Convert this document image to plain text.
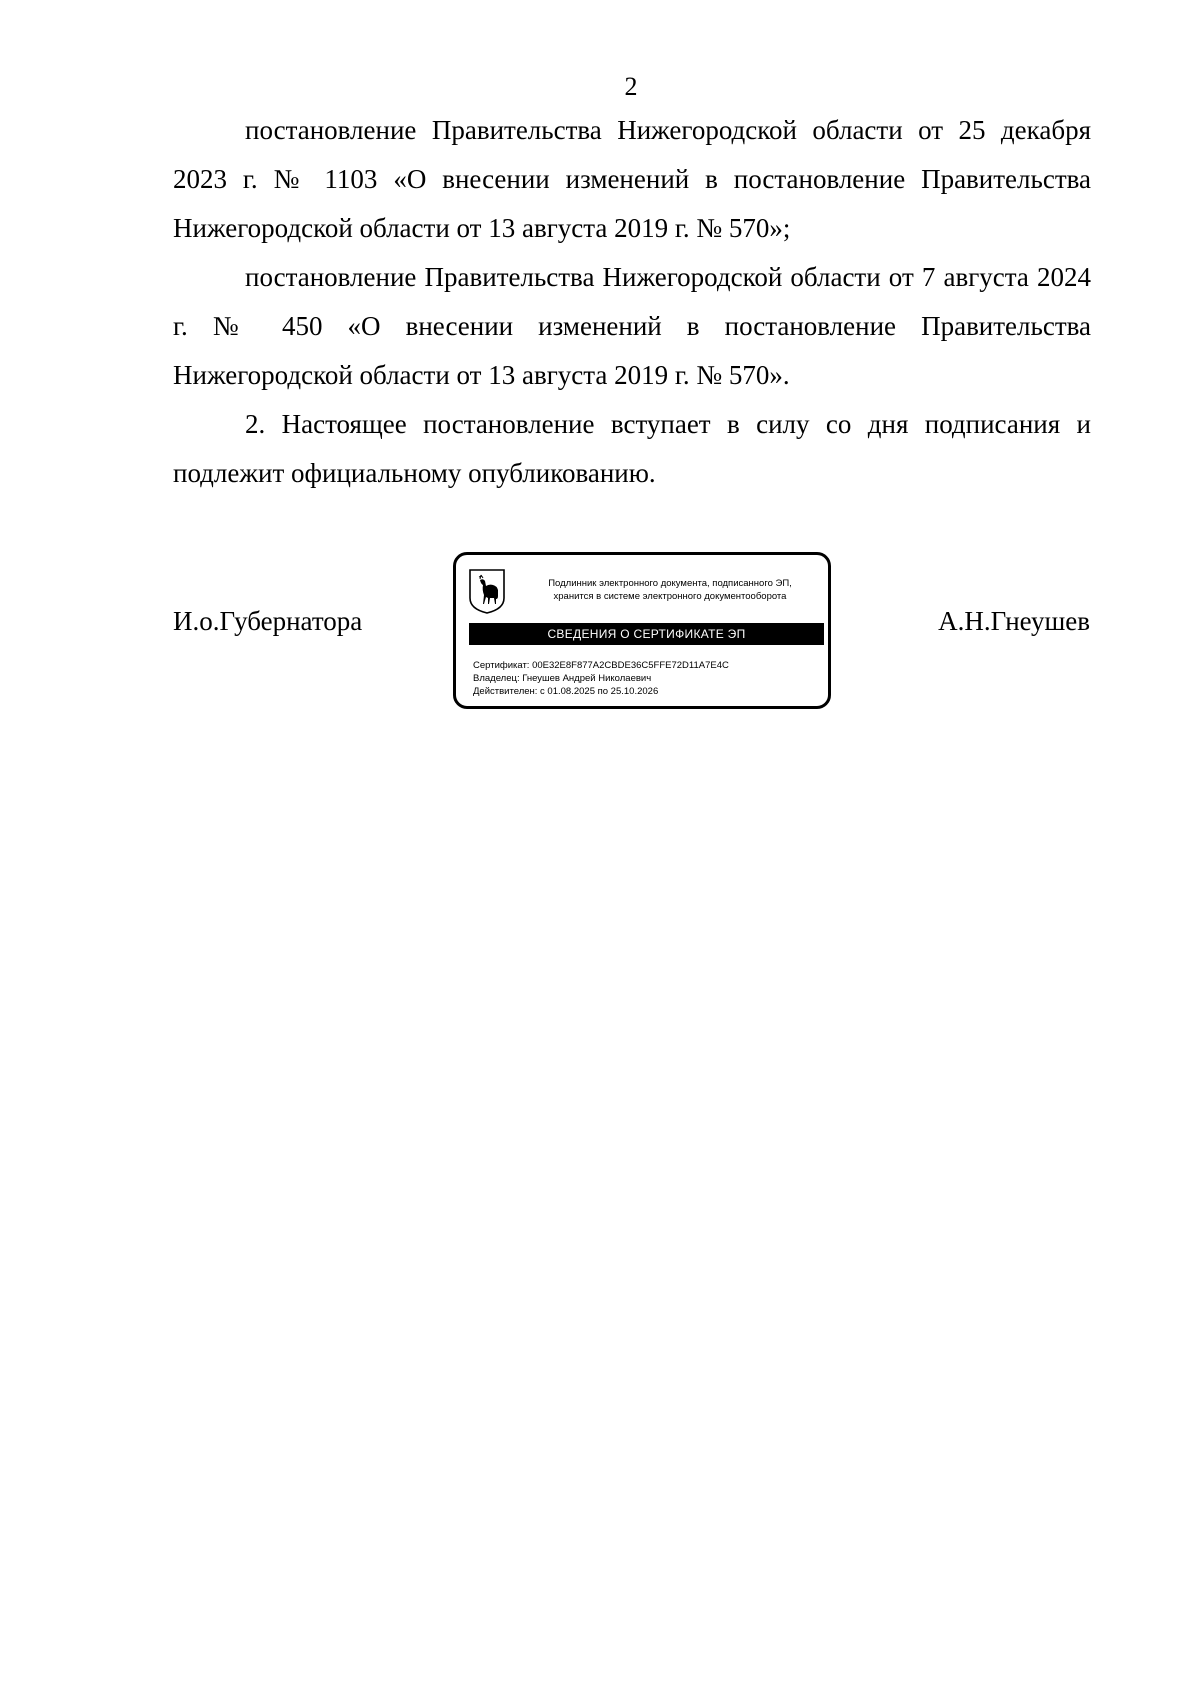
2

постановление Правительства Нижегородской области от 25 декабря 2023 г. № 1103 «О внесении изменений в постановление Правительства Нижегородской области от 13 августа 2019 г. № 570»;

постановление Правительства Нижегородской области от 7 августа 2024 г. № 450 «О внесении изменений в постановление Правительства Нижегородской области от 13 августа 2019 г. № 570».

2. Настоящее постановление вступает в силу со дня подписания и подлежит официальному опубликованию.

И.о.Губернатора
Подлинник электронного документа, подписанного ЭП,
хранится в системе электронного документооборота
СВЕДЕНИЯ О СЕРТИФИКАТЕ ЭП
Сертификат: 00E32E8F877A2CBDE36C5FFE72D11A7E4C
Владелец: Гнеушев Андрей Николаевич
Действителен: с 01.08.2025 по 25.10.2026
А.Н.Гнеушев
